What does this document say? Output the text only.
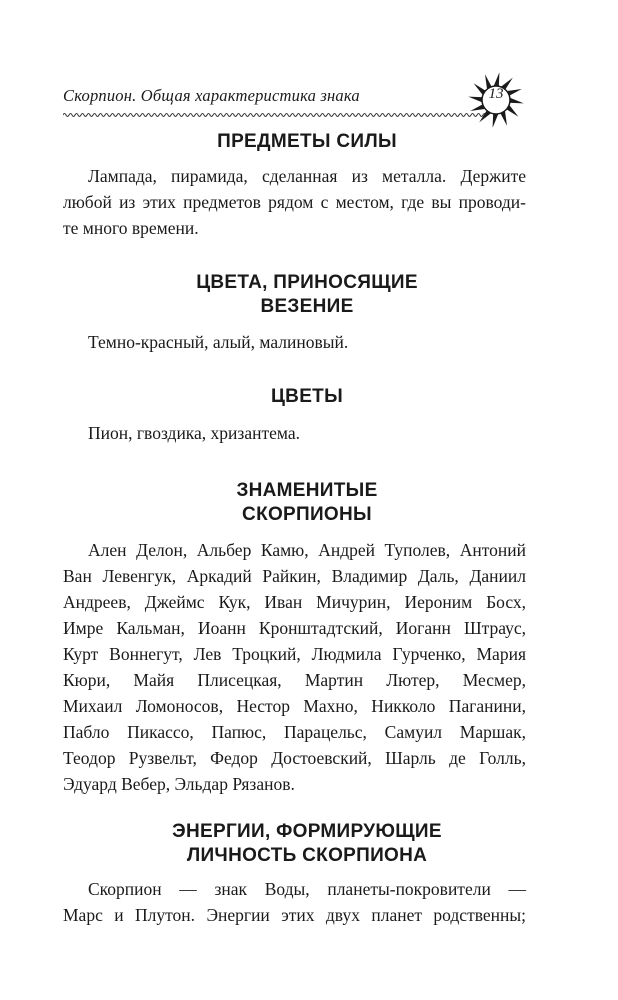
Скорпион. Общая характеристика знака	13
ПРЕДМЕТЫ СИЛЫ

Лампада, пирамида, сделанная из металла. Держите
любой из этих предметов рядом с местом, где вы проводи-
те много времени.

ЦВЕТА, ПРИНОСЯЩИЕ
ВЕЗЕНИЕ

Темно-красный, алый, малиновый.

ЦВЕТЫ

Пион, гвоздика, хризантема.

ЗНАМЕНИТЫЕ
СКОРПИОНЫ

Ален Делон, Альбер Камю, Андрей Туполев, Антоний
Ван Левенгук, Аркадий Райкин, Владимир Даль, Даниил
Андреев, Джеймс Кук, Иван Мичурин, Иероним Босх,
Имре Кальман, Иоанн Кронштадтский, Иоганн Штраус,
Курт Воннегут, Лев Троцкий, Людмила Гурченко, Мария
Кюри, Майя Плисецкая, Мартин Лютер, Месмер,
Михаил Ломоносов, Нестор Махно, Никколо Паганини,
Пабло Пикассо, Папюс, Парацельс, Самуил Маршак,
Теодор Рузвельт, Федор Достоевский, Шарль де Голль,
Эдуард Вебер, Эльдар Рязанов.

ЭНЕРГИИ, ФОРМИРУЮЩИЕ
ЛИЧНОСТЬ СКОРПИОНА

Скорпион — знак Воды, планеты-покровители —
Марс и Плутон. Энергии этих двух планет родственны;
